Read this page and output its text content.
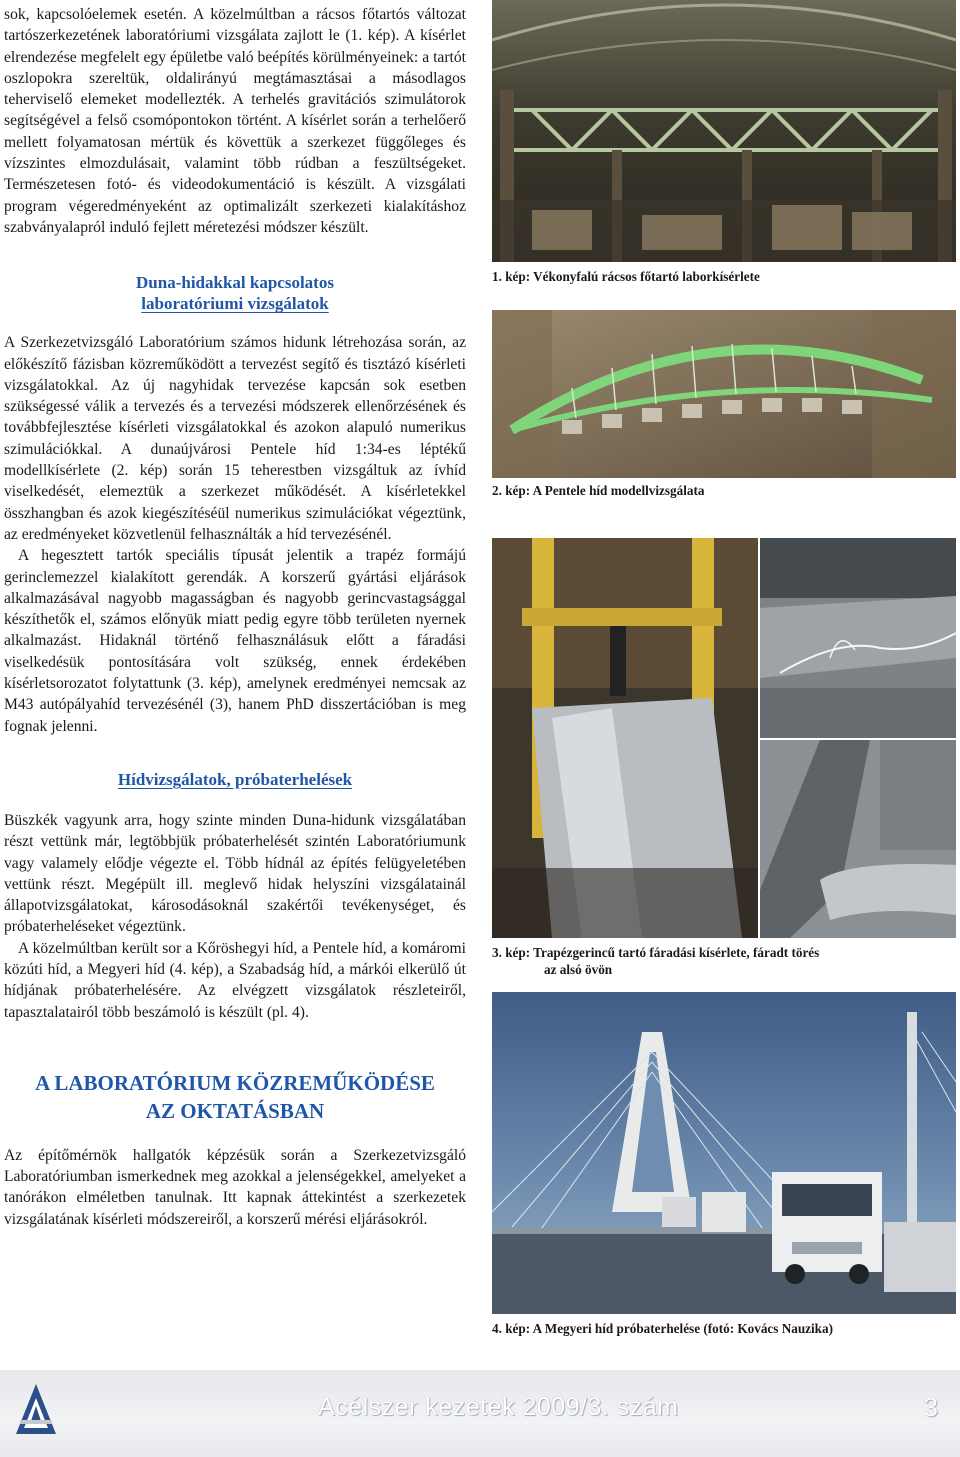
sok, kapcsolóelemek esetén. A közelmúltban a rácsos főtartós változat tartószerkezetének laboratóriumi vizsgálata zajlott le (1. kép). A kísérlet elrendezése megfelelt egy épületbe való beépítés körülményeinek: a tartót oszlopokra szereltük, oldalirányú megtámasztásai a másodlagos teherviselő elemeket modellezték. A terhelés gravitációs szimulátorok segítségével a felső csomópontokon történt. A kísérlet során a terhelőerő mellett folyamatosan mértük és követtük a szerkezet függőleges és vízszintes elmozdulásait, valamint több rúdban a feszültségeket. Természetesen fotó- és videodokumentáció is készült. A vizsgálati program végeredményeként az optimalizált szerkezeti kialakításhoz szabványalapról induló fejlett méretezési módszer készült.

Duna-hidakkal kapcsolatos
laboratóriumi vizsgálatok

A Szerkezetvizsgáló Laboratórium számos hidunk létrehozása során, az előkészítő fázisban közreműködött a tervezést segítő és tisztázó kísérleti vizsgálatokkal. Az új nagyhidak tervezése kapcsán sok esetben szükségessé válik a tervezés és a tervezési módszerek ellenőrzésének és továbbfejlesztése kísérleti vizsgálatokkal és azokon alapuló numerikus szimulációkkal. A dunaújvárosi Pentele híd 1:34-es léptékű modellkísérlete (2. kép) során 15 teherestben vizsgáltuk az ívhíd viselkedését, elemeztük a szerkezet működését. A kísérletekkel összhangban és azok kiegészítéséül numerikus szimulációkat végeztünk, az eredményeket közvetlenül felhasználták a híd tervezésénél.

A hegesztett tartók speciális típusát jelentik a trapéz formájú gerinclemezzel kialakított gerendák. A korszerű gyártási eljárások alkalmazásával nagyobb magasságban és nagyobb gerincvastagsággal készíthetők el, számos előnyük miatt pedig egyre több területen nyernek alkalmazást. Hidaknál történő felhasználásuk előtt a fáradási viselkedésük pontosítására volt szükség, ennek érdekében kísérletsorozatot folytattunk (3. kép), amelynek eredményei nemcsak az M43 autópályahíd tervezésénél (3), hanem PhD disszertációban is meg fognak jelenni.

Hídvizsgálatok, próbaterhelések

Büszkék vagyunk arra, hogy szinte minden Duna-hidunk vizsgálatában részt vettünk már, legtöbbjük próbaterhelését szintén Laboratóriumunk vagy valamely elődje végezte el. Több hídnál az építés felügyeletében vettünk részt. Megépült ill. meglevő hidak helyszíni vizsgálatainál állapotvizsgálatokat, károsodásoknál szakértői tevékenységet, és próbaterheléseket végeztünk.

A közelmúltban került sor a Kőröshegyi híd, a Pentele híd, a komáromi közúti híd, a Megyeri híd (4. kép), a Szabadság híd, a márkói elkerülő út hídjának próbaterhelésére. Az elvégzett vizsgálatok részleteiről, tapasztalatairól több beszámoló is készült (pl. 4).

A LABORATÓRIUM KÖZREMŰKÖDÉSE
AZ OKTATÁSBAN

Az építőmérnök hallgatók képzésük során a Szerkezetvizsgáló Laboratóriumban ismerkednek meg azokkal a jelenségekkel, amelyeket a tanórákon elméletben tanulnak. Itt kapnak áttekintést a szerkezetek vizsgálatának kísérleti módszereiről, a korszerű mérési eljárásokról.

1. kép: Vékonyfalú rácsos főtartó laborkísérlete
2. kép: A Pentele híd modellvizsgálata
3. kép: Trapézgerincű tartó fáradási kísérlete, fáradt törés
az alsó övön
4. kép: A Megyeri híd próbaterhelése (fotó: Kovács Nauzika)
Acélszer kezetek 2009/3. szám	3
